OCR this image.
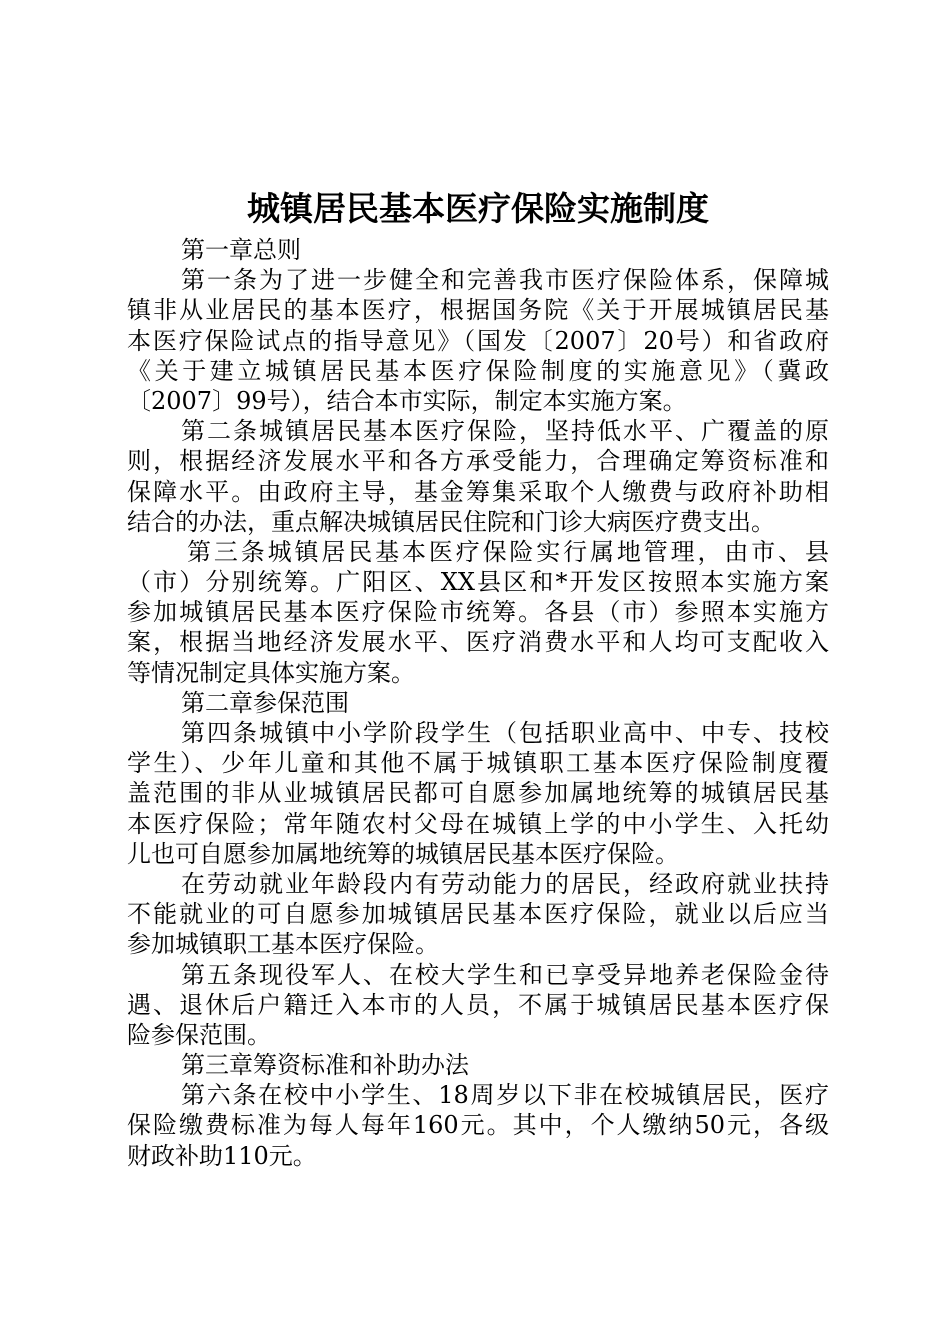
城镇居民基本医疗保险实施制度
第一章总则
第一条为了进一步健全和完善我市医疗保险体系，保障城
镇非从业居民的基本医疗，根据国务院《关于开展城镇居民基
本医疗保险试点的指导意见》（国发〔2007〕20号）和省政府
《关于建立城镇居民基本医疗保险制度的实施意见》（冀政
〔2007〕99号），结合本市实际，制定本实施方案。
第二条城镇居民基本医疗保险，坚持低水平、广覆盖的原
则，根据经济发展水平和各方承受能力，合理确定筹资标准和
保障水平。由政府主导，基金筹集采取个人缴费与政府补助相
结合的办法，重点解决城镇居民住院和门诊大病医疗费支出。
第三条城镇居民基本医疗保险实行属地管理，由市、县
（市）分别统筹。广阳区、XX县区和*开发区按照本实施方案
参加城镇居民基本医疗保险市统筹。各县（市）参照本实施方
案，根据当地经济发展水平、医疗消费水平和人均可支配收入
等情况制定具体实施方案。
第二章参保范围
第四条城镇中小学阶段学生（包括职业高中、中专、技校
学生）、少年儿童和其他不属于城镇职工基本医疗保险制度覆
盖范围的非从业城镇居民都可自愿参加属地统筹的城镇居民基
本医疗保险；常年随农村父母在城镇上学的中小学生、入托幼
儿也可自愿参加属地统筹的城镇居民基本医疗保险。
在劳动就业年龄段内有劳动能力的居民，经政府就业扶持
不能就业的可自愿参加城镇居民基本医疗保险，就业以后应当
参加城镇职工基本医疗保险。
第五条现役军人、在校大学生和已享受异地养老保险金待
遇、退休后户籍迁入本市的人员，不属于城镇居民基本医疗保
险参保范围。
第三章筹资标准和补助办法
第六条在校中小学生、18周岁以下非在校城镇居民，医疗
保险缴费标准为每人每年160元。其中，个人缴纳50元，各级
财政补助110元。
